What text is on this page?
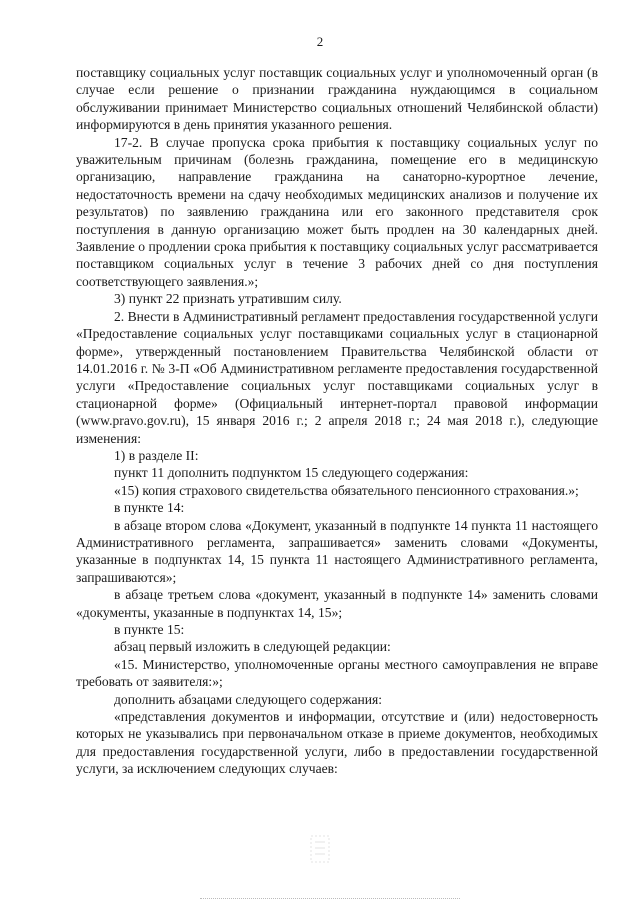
2

поставщику социальных услуг поставщик социальных услуг и уполномоченный орган (в случае если решение о признании гражданина нуждающимся в социальном обслуживании принимает Министерство социальных отношений Челябинской области) информируются в день принятия указанного решения.

17-2. В случае пропуска срока прибытия к поставщику социальных услуг по уважительным причинам (болезнь гражданина, помещение его в медицинскую организацию, направление гражданина на санаторно-курортное лечение, недостаточность времени на сдачу необходимых медицинских анализов и получение их результатов) по заявлению гражданина или его законного представителя срок поступления в данную организацию может быть продлен на 30 календарных дней. Заявление о продлении срока прибытия к поставщику социальных услуг рассматривается поставщиком социальных услуг в течение 3 рабочих дней со дня поступления соответствующего заявления.»;

3) пункт 22 признать утратившим силу.

2. Внести в Административный регламент предоставления государственной услуги «Предоставление социальных услуг поставщиками социальных услуг в стационарной форме», утвержденный постановлением Правительства Челябинской области от 14.01.2016 г. № 3-П «Об Административном регламенте предоставления государственной услуги «Предоставление социальных услуг поставщиками социальных услуг в стационарной форме» (Официальный интернет-портал правовой информации (www.pravo.gov.ru), 15 января 2016 г.; 2 апреля 2018 г.; 24 мая 2018 г.), следующие изменения:

1) в разделе II:

пункт 11 дополнить подпунктом 15 следующего содержания:

«15) копия страхового свидетельства обязательного пенсионного страхования.»;

в пункте 14:

в абзаце втором слова «Документ, указанный в подпункте 14 пункта 11 настоящего Административного регламента, запрашивается» заменить словами «Документы, указанные в подпунктах 14, 15 пункта 11 настоящего Административного регламента, запрашиваются»;

в абзаце третьем слова «документ, указанный в подпункте 14» заменить словами «документы, указанные в подпунктах 14, 15»;

в пункте 15:

абзац первый изложить в следующей редакции:

«15. Министерство, уполномоченные органы местного самоуправления не вправе требовать от заявителя:»;

дополнить абзацами следующего содержания:

«представления документов и информации, отсутствие и (или) недостоверность которых не указывались при первоначальном отказе в приеме документов, необходимых для предоставления государственной услуги, либо в предоставлении государственной услуги, за исключением следующих случаев:
